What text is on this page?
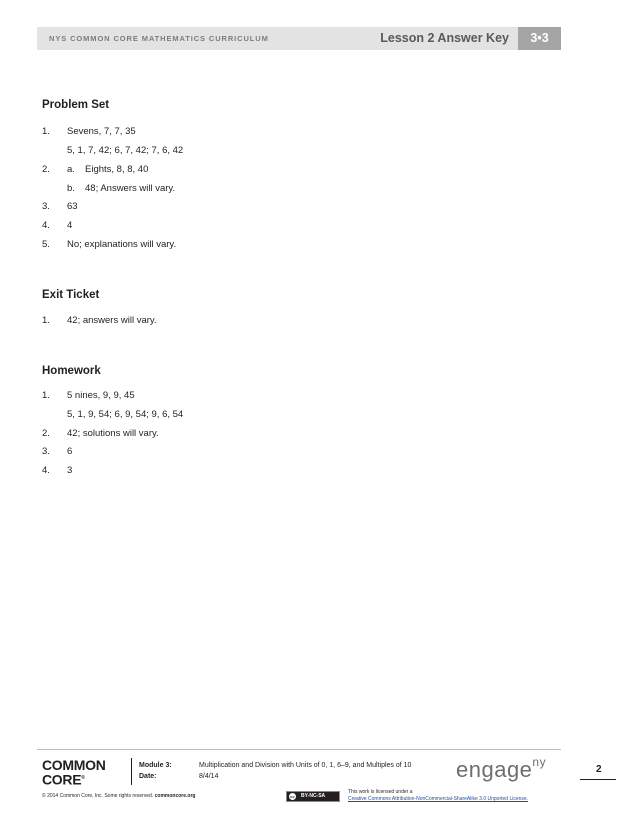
NYS COMMON CORE MATHEMATICS CURRICULUM	Lesson 2 Answer Key	3•3
Problem Set
1. Sevens, 7, 7, 35
5, 1, 7, 42; 6, 7, 42; 7, 6, 42
2. a. Eights, 8, 8, 40
b. 48; Answers will vary.
3. 63
4. 4
5. No; explanations will vary.
Exit Ticket
1. 42; answers will vary.
Homework
1. 5 nines, 9, 9, 45
5, 1, 9, 54; 6, 9, 54; 9, 6, 54
2. 42; solutions will vary.
3. 6
4. 3
COMMON
CORE®
Module 3:	Multiplication and Division with Units of 0, 1, 6–9, and Multiples of 10
Date:	8/4/14	engage$^{ny}$
2
© 2014 Common Core, Inc. Some rights reserved. commoncore.org	cc BY-NC-SA
This work is licensed under a
Creative Commons Attribution-NonCommercial-ShareAlike 3.0 Unported License.
